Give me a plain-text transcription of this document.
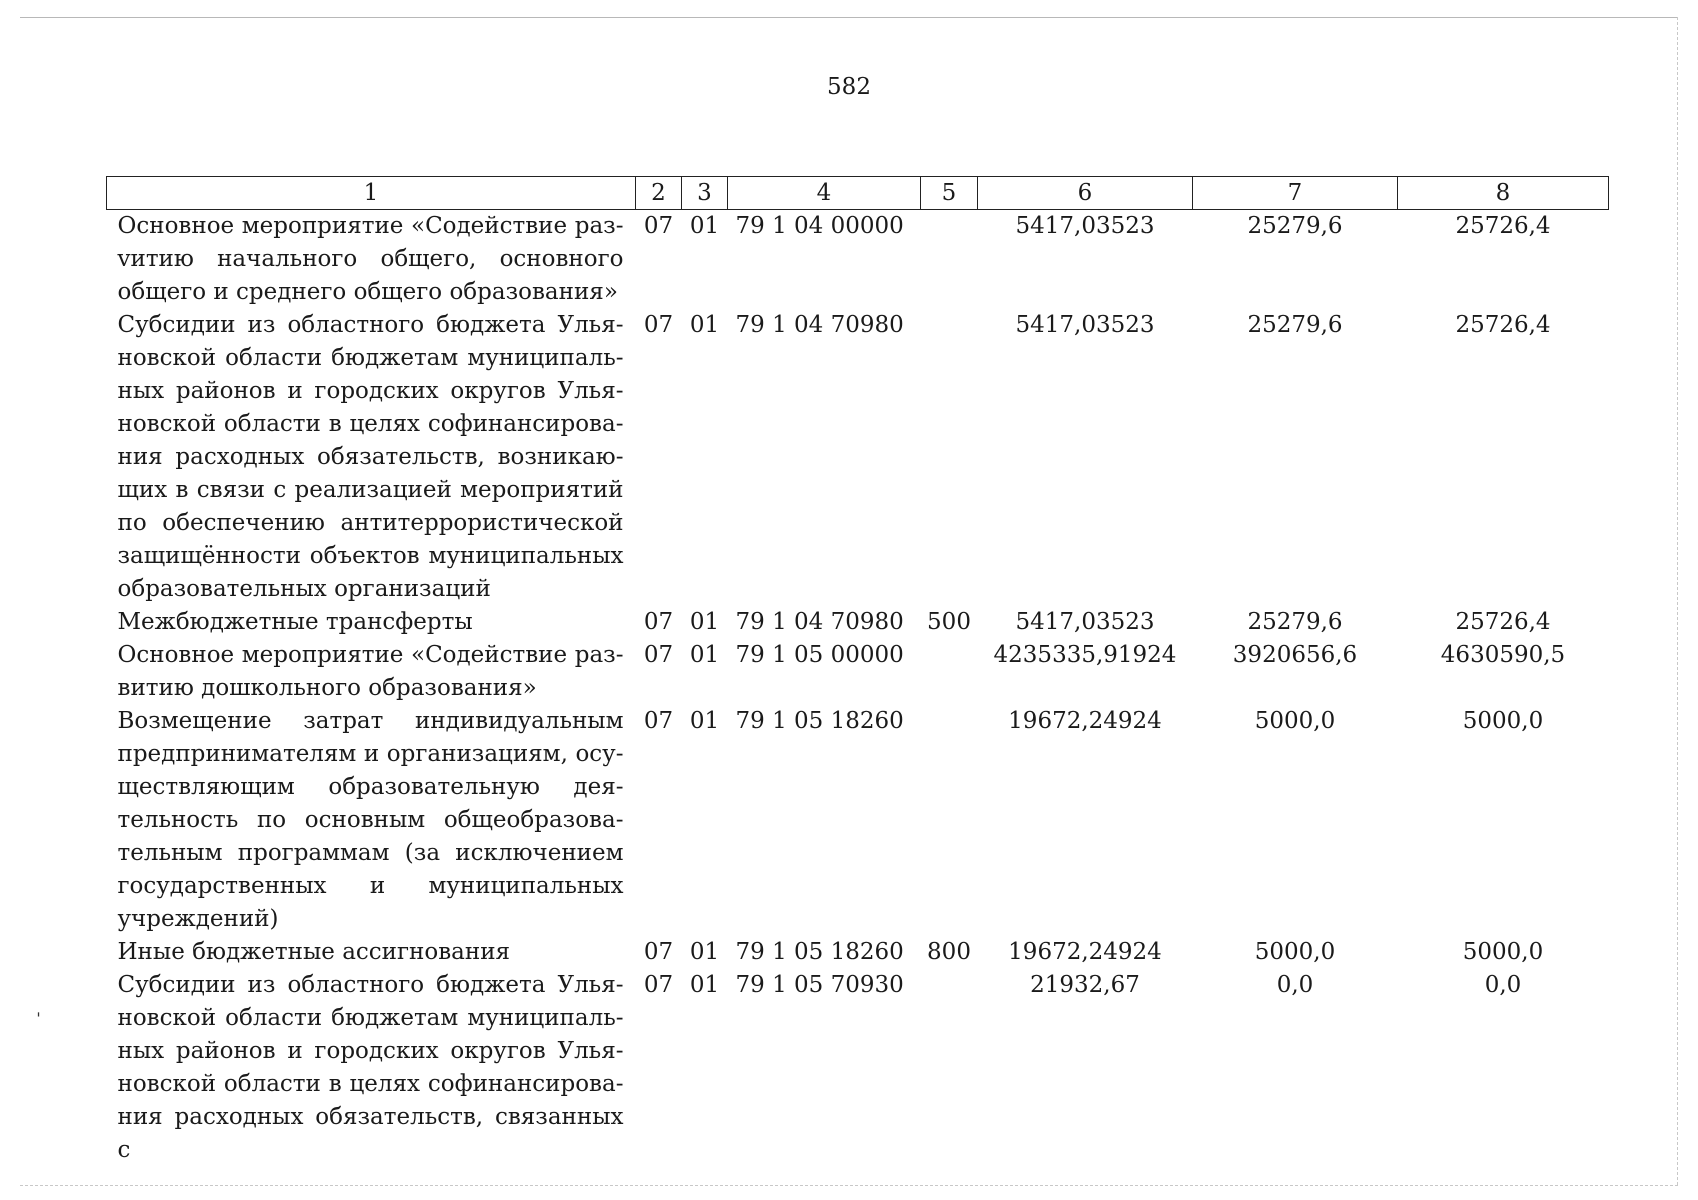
582
1	2	3	4	5	6	7	8
Основное мероприятие «Содействие разvитию начального общего, основного общего и среднего общего образования»	07	01	79 1 04 00000		5417,03523	25279,6	25726,4
Субсидии из областного бюджета Ульяновской области бюджетам муниципальных районов и городских округов Ульяновской области в целях софинансирования расходных обязательств, возникающих в связи с реализацией мероприятий по обеспечению антитеррористической защищённости объектов муниципальных образовательных организаций	07	01	79 1 04 70980		5417,03523	25279,6	25726,4
Межбюджетные трансферты	07	01	79 1 04 70980	500	5417,03523	25279,6	25726,4
Основное мероприятие «Содействие развитию дошкольного образования»	07	01	79 1 05 00000		4235335,91924	3920656,6	4630590,5
Возмещение затрат индивидуальным предпринимателям и организациям, осуществляющим образовательную деятельность по основным общеобразовательным программам (за исключением государственных и муниципальных учреждений)	07	01	79 1 05 18260		19672,24924	5000,0	5000,0
Иные бюджетные ассигнования	07	01	79 1 05 18260	800	19672,24924	5000,0	5000,0
Субсидии из областного бюджета Ульяновской области бюджетам муниципальных районов и городских округов Ульяновской области в целях софинансирования расходных обязательств, связанных с	07	01	79 1 05 70930		21932,67	0,0	0,0
ˈ
